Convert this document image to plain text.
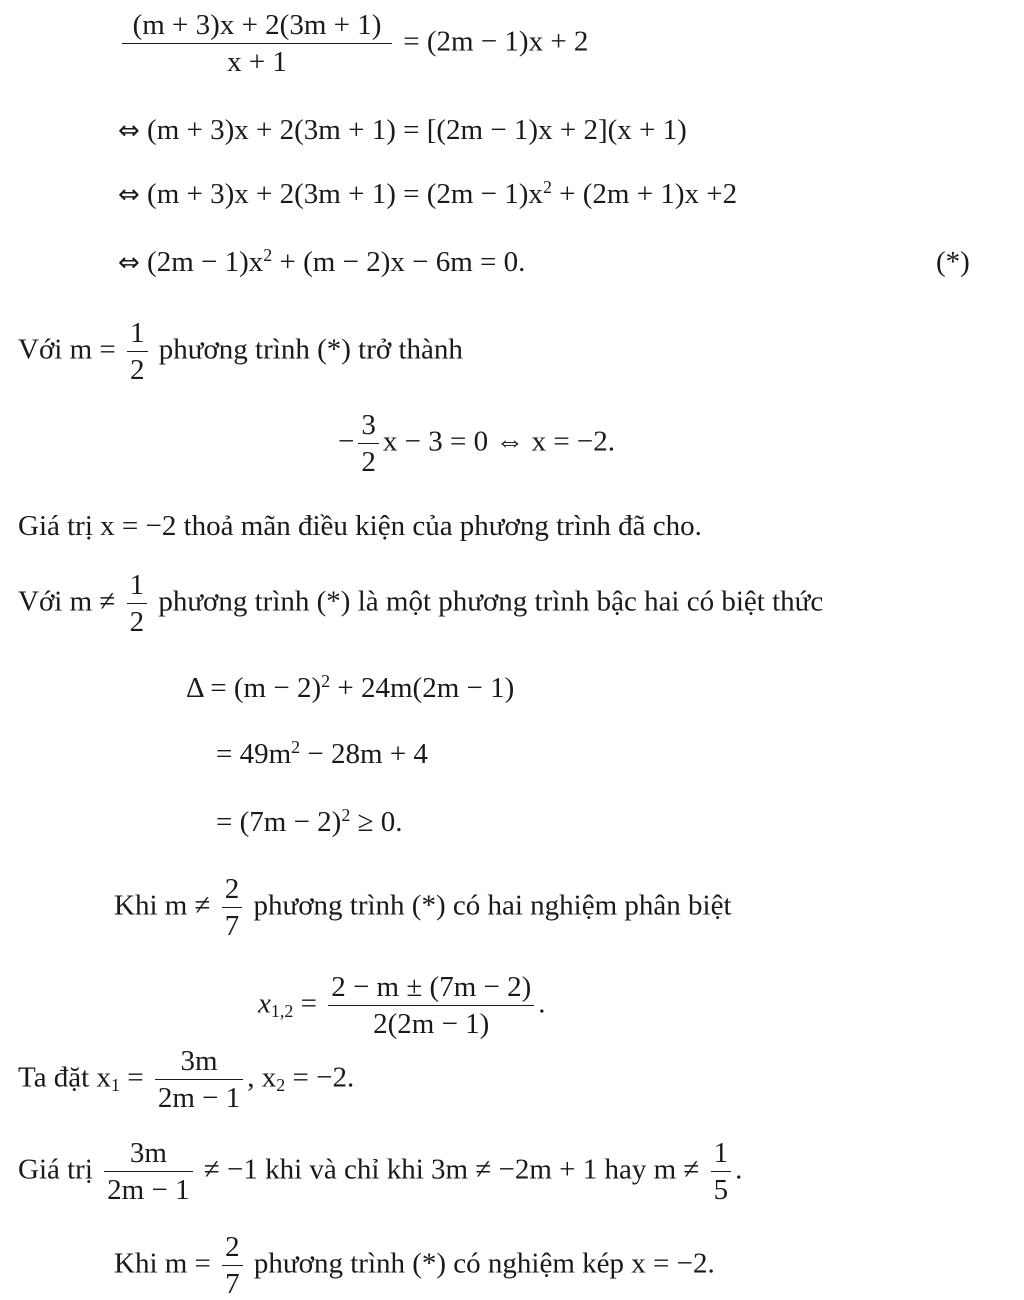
$\frac{(m + 3)x + 2(3m + 1)}{x + 1} = (2m - 1)x + 2$
⇔ (m + 3)x + 2(3m + 1) = [(2m − 1)x + 2](x + 1)
⇔ $(m + 3)x + 2(3m + 1) = (2m - 1)x^2 + (2m + 1)x +2$
⇔ $(2m - 1)x^2 + (m - 2)x - 6m = 0$.	(*)
Với $m = \frac{1}{2}$ phương trình (*) trở thành
− $\frac{3}{2}$ x − 3 = 0 ⇔ x = −2.
Giá trị x = −2 thoả mãn điều kiện của phương trình đã cho.
Với $m \ne \frac{1}{2}$ phương trình (*) là một phương trình bậc hai có biệt thức
$\Delta = (m - 2)^2 + 24m(2m - 1)$
= $49m^2 - 28m + 4$
= $(7m - 2)^2 \ge 0$.
Khi $m \ne \frac{2}{7}$ phương trình (*) có hai nghiệm phân biệt
$x_{1,2} = \frac{2 - m \pm (7m - 2)}{2(2m - 1)}$ .
Ta đặt $x_1 = \frac{3m}{2m - 1}$ , $x_2 = -2$.
Giá trị $\frac{3m}{2m - 1} \ne -1$ khi và chỉ khi 3m ≠ −2m + 1 hay $m \ne \frac{1}{5}$ .
Khi $m = \frac{2}{7}$ phương trình (*) có nghiệm kép x = −2.
